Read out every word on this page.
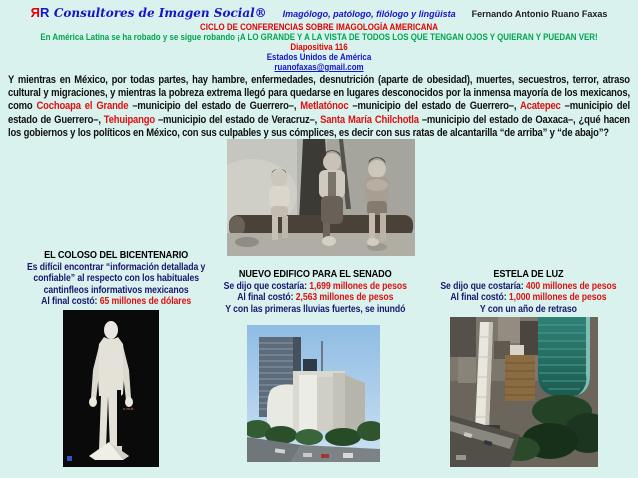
ЯR Consultores de Imagen Social® Imagólogo, patólogo, filólogo y lingüista Fernando Antonio Ruano Faxas
CICLO DE CONFERENCIAS SOBRE IMAGOLOGÍA AMERICANA
En América Latina se ha robado y se sigue robando ¡A LO GRANDE Y A LA VISTA DE TODOS LOS QUE TENGAN OJOS Y QUIERAN Y PUEDAN VER!
Diapositiva 116
Estados Unidos de América
ruanofaxas@gmail.com
Y mientras en México, por todas partes, hay hambre, enfermedades, desnutrición (aparte de obesidad), muertes, secuestros, terror, atraso cultural y migraciones, y mientras la pobreza extrema llegó para quedarse en lugares desconocidos por la inmensa mayoría de los mexicanos, como Cochoapa el Grande –municipio del estado de Guerrero–, Metlatónoc –municipio del estado de Guerrero–, Acatepec –municipio del estado de Guerrero–, Tehuipango –municipio del estado de Veracruz–, Santa María Chilchotla –municipio del estado de Oaxaca–, ¿qué hacen los gobiernos y los políticos en México, con sus culpables y sus cómplices, es decir con sus ratas de alcantarilla “de arriba” y “de abajo”?
EL COLOSO DEL BICENTENARIO
Es difícil encontrar “información detallada y confiable” al respecto con los habituales cantinfleos informativos mexicanos
Al final costó: 65 millones de dólares
c.m.b
NUEVO EDIFICO PARA EL SENADO
Se dijo que costaría: 1,699 millones de pesos
Al final costó: 2,563 millones de pesos
Y con las primeras lluvias fuertes, se inundó
ESTELA DE LUZ
Se dijo que costaría: 400 millones de pesos
Al final costó: 1,000 millones de pesos
Y con un año de retraso
